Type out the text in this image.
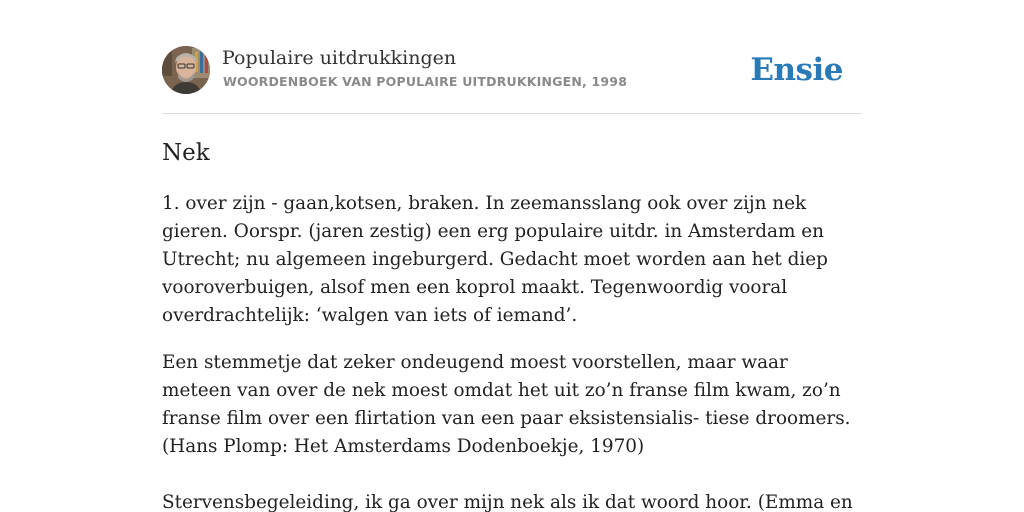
Populaire uitdrukkingen
WOORDENBOEK VAN POPULAIRE UITDRUKKINGEN, 1998	Ensie
Nek

1. over zijn - gaan,kotsen, braken. In zeemansslang ook over zijn nek gieren. Oorspr. (jaren zestig) een erg populaire uitdr. in Amsterdam en Utrecht; nu algemeen ingeburgerd. Gedacht moet worden aan het diep vooroverbuigen, alsof men een koprol maakt. Tegenwoordig vooral overdrachtelijk: ‘walgen van iets of iemand’.

Een stemmetje dat zeker ondeugend moest voorstellen, maar waar meteen van over de nek moest omdat het uit zo’n franse film kwam, zo’n franse film over een flirtation van een paar eksistensialis- tiese droomers. (Hans Plomp: Het Amsterdams Dodenboekje, 1970)

Stervensbegeleiding, ik ga over mijn nek als ik dat woord hoor. (Emma en
